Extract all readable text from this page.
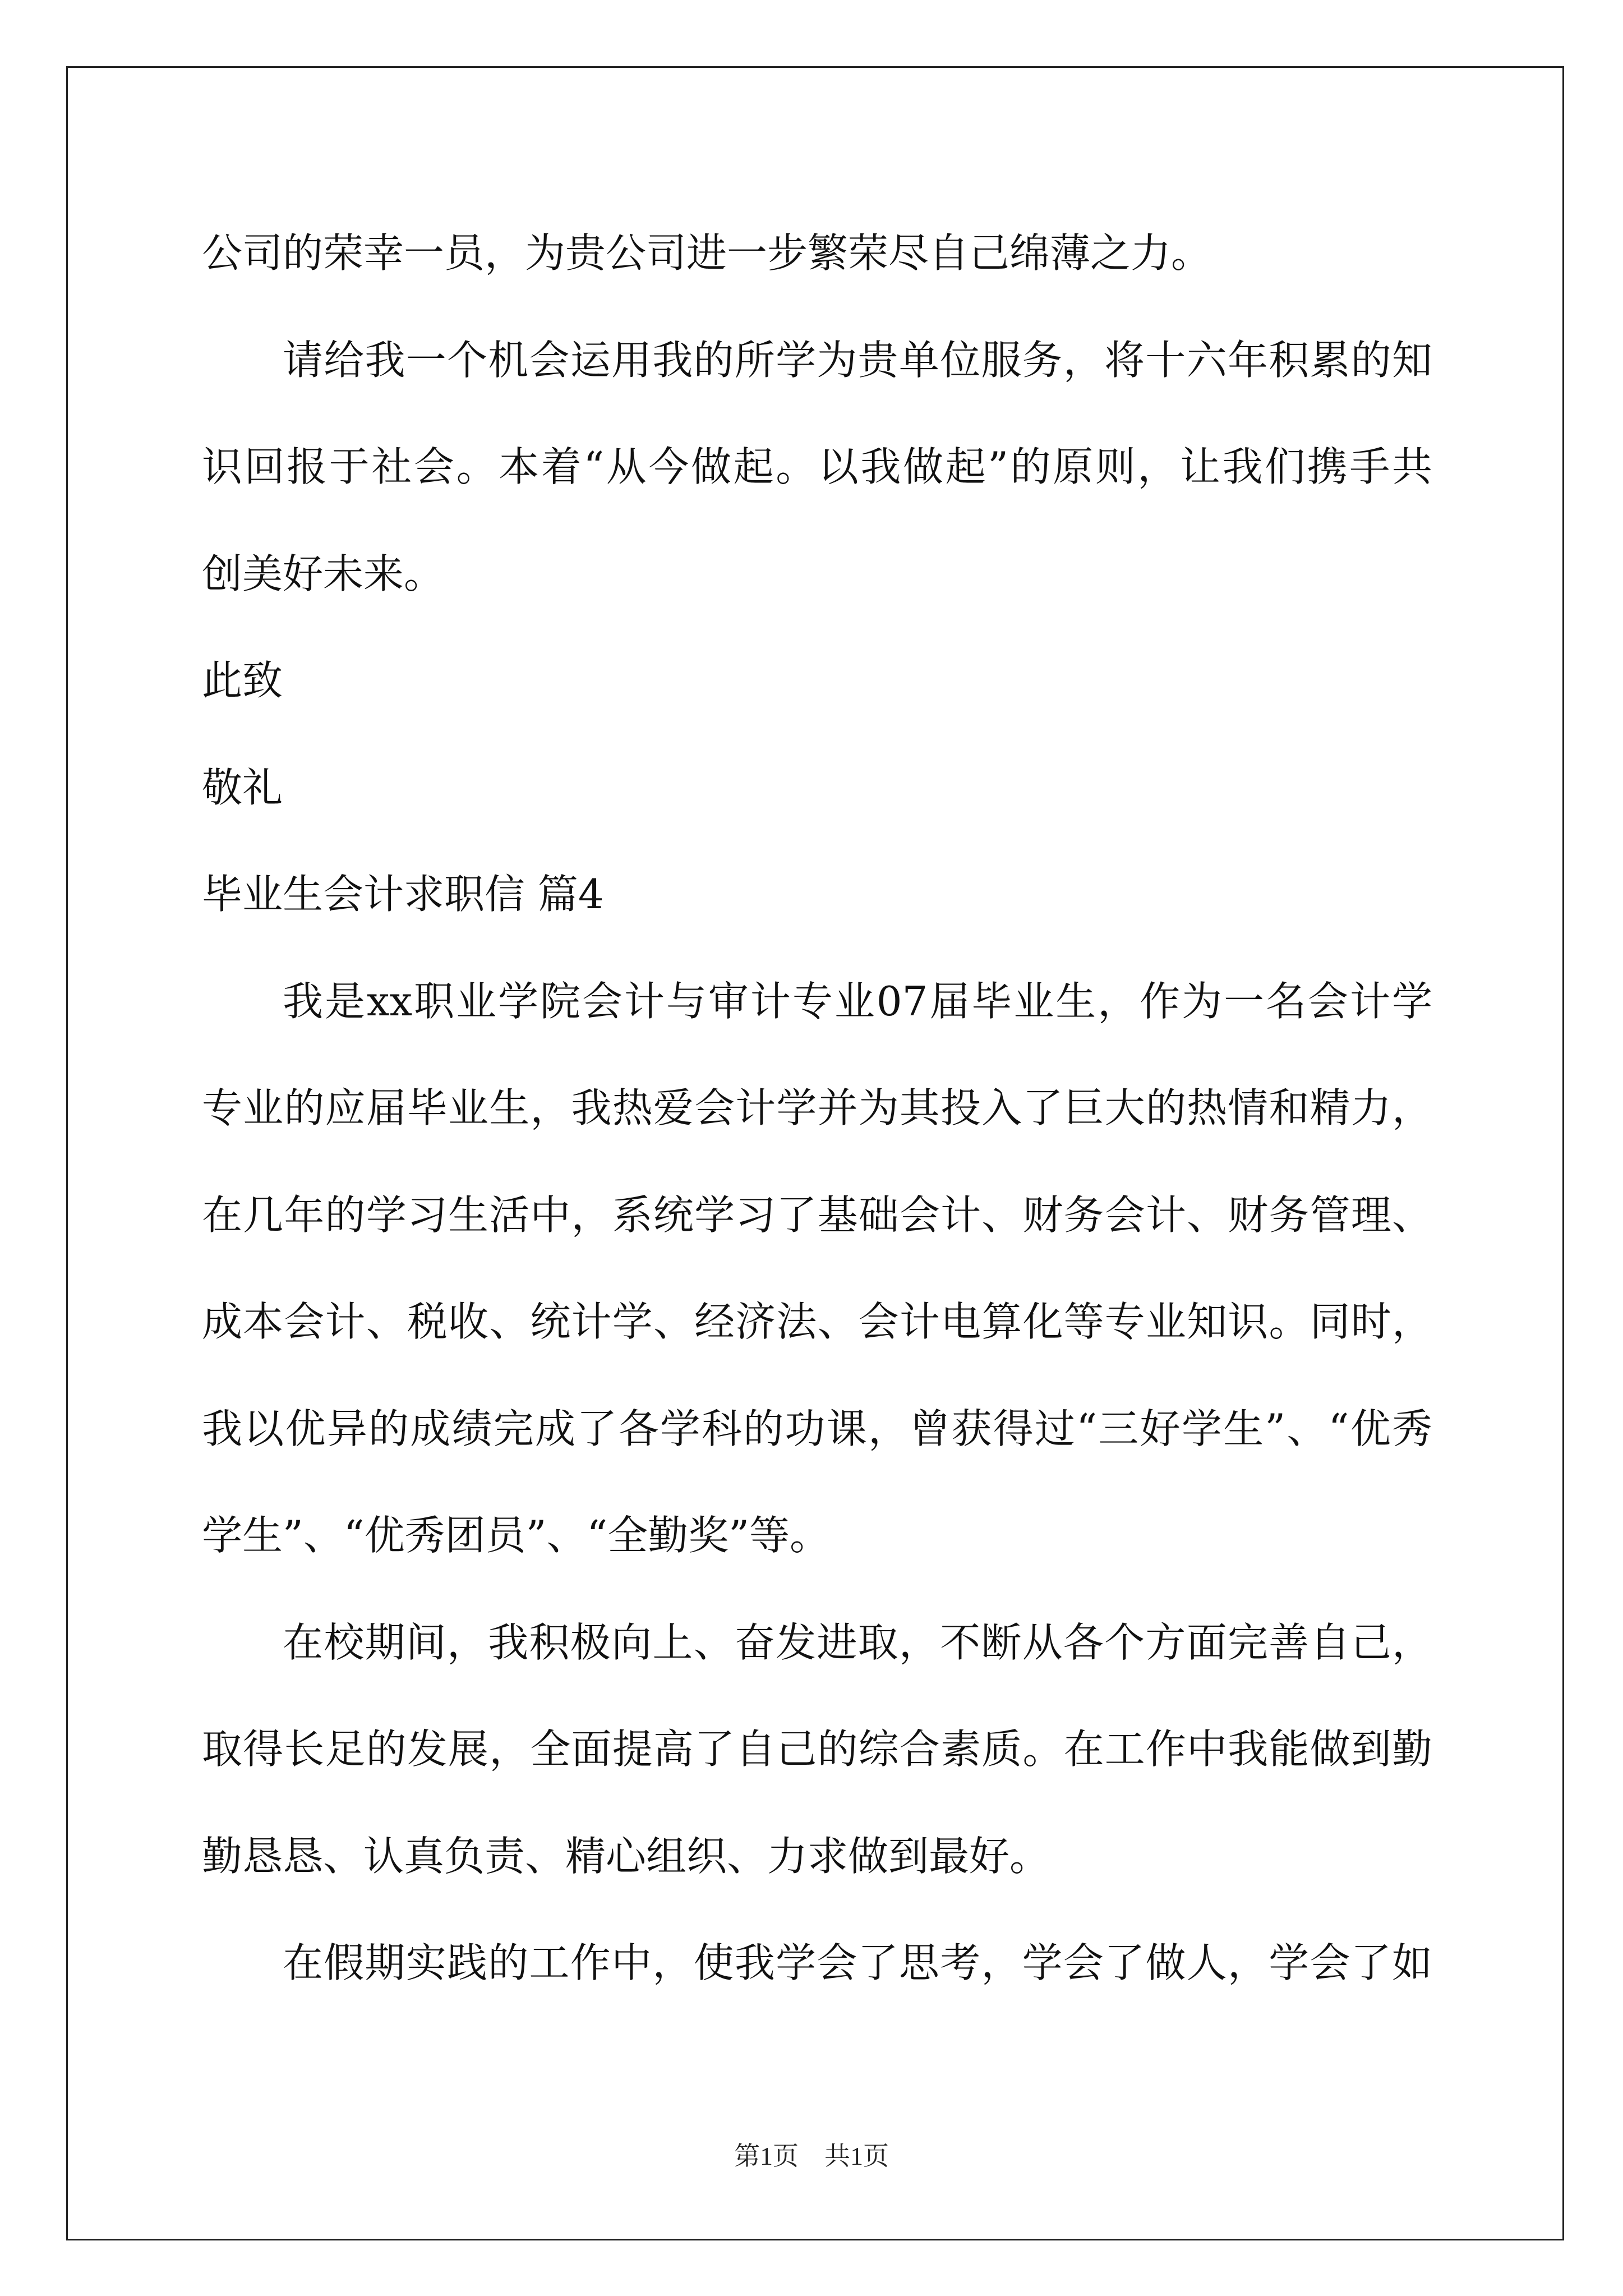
公司的荣幸一员，为贵公司进一步繁荣尽自己绵薄之力。
请给我一个机会运用我的所学为贵单位服务，将十六年积累的知
识回报于社会。本着“从今做起。以我做起”的原则，让我们携手共
创美好未来。
此致
敬礼
毕业生会计求职信 篇4
我是xx职业学院会计与审计专业07届毕业生，作为一名会计学
专业的应届毕业生，我热爱会计学并为其投入了巨大的热情和精力，
在几年的学习生活中，系统学习了基础会计、财务会计、财务管理、
成本会计、税收、统计学、经济法、会计电算化等专业知识。同时，
我以优异的成绩完成了各学科的功课，曾获得过“三好学生”、“优秀
学生”、“优秀团员”、“全勤奖”等。
在校期间，我积极向上、奋发进取，不断从各个方面完善自己，
取得长足的发展，全面提高了自己的综合素质。在工作中我能做到勤
勤恳恳、认真负责、精心组织、力求做到最好。
在假期实践的工作中，使我学会了思考，学会了做人，学会了如
第1页　共1页
